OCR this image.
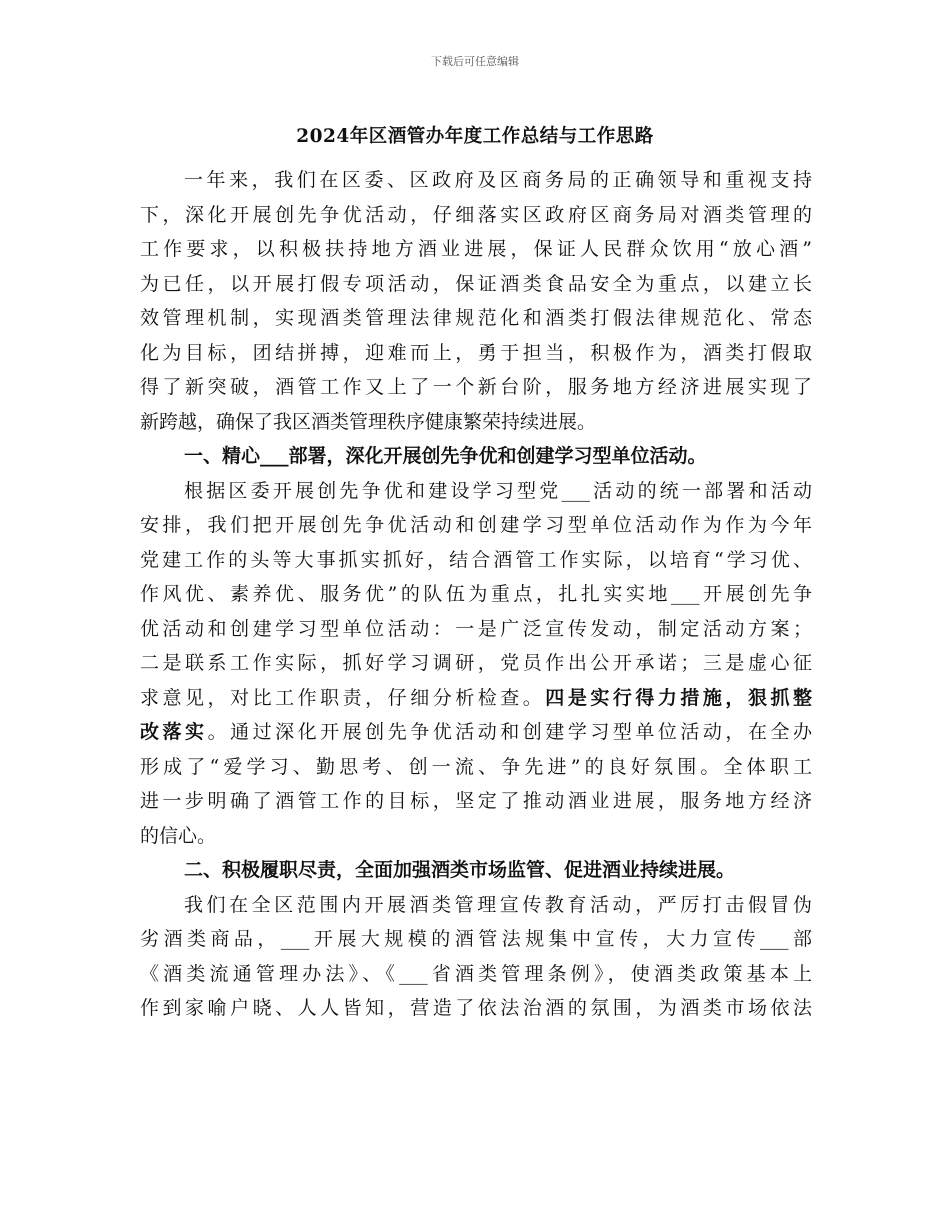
下载后可任意编辑
2024年区酒管办年度工作总结与工作思路
一年来，我们在区委、区政府及区商务局的正确领导和重视支持
下，深化开展创先争优活动，仔细落实区政府区商务局对酒类管理的
工作要求，以积极扶持地方酒业进展，保证人民群众饮用“放心酒”
为已任，以开展打假专项活动，保证酒类食品安全为重点，以建立长
效管理机制，实现酒类管理法律规范化和酒类打假法律规范化、常态
化为目标，团结拼搏，迎难而上，勇于担当，积极作为，酒类打假取
得了新突破，酒管工作又上了一个新台阶，服务地方经济进展实现了
新跨越，确保了我区酒类管理秩序健康繁荣持续进展。
一、精心___部署，深化开展创先争优和创建学习型单位活动。
根据区委开展创先争优和建设学习型党___活动的统一部署和活动
安排，我们把开展创先争优活动和创建学习型单位活动作为作为今年
党建工作的头等大事抓实抓好，结合酒管工作实际，以培育“学习优、
作风优、素养优、服务优”的队伍为重点，扎扎实实地___开展创先争
优活动和创建学习型单位活动：一是广泛宣传发动，制定活动方案；
二是联系工作实际，抓好学习调研，党员作出公开承诺；三是虚心征
求意见，对比工作职责，仔细分析检查。四是实行得力措施，狠抓整
改落实。通过深化开展创先争优活动和创建学习型单位活动，在全办
形成了“爱学习、勤思考、创一流、争先进”的良好氛围。全体职工
进一步明确了酒管工作的目标，坚定了推动酒业进展，服务地方经济
的信心。
二、积极履职尽责，全面加强酒类市场监管、促进酒业持续进展。
我们在全区范围内开展酒类管理宣传教育活动，严厉打击假冒伪
劣酒类商品，___开展大规模的酒管法规集中宣传，大力宣传___部
《酒类流通管理办法》、《___省酒类管理条例》，使酒类政策基本上
作到家喻户晓、人人皆知，营造了依法治酒的氛围，为酒类市场依法
